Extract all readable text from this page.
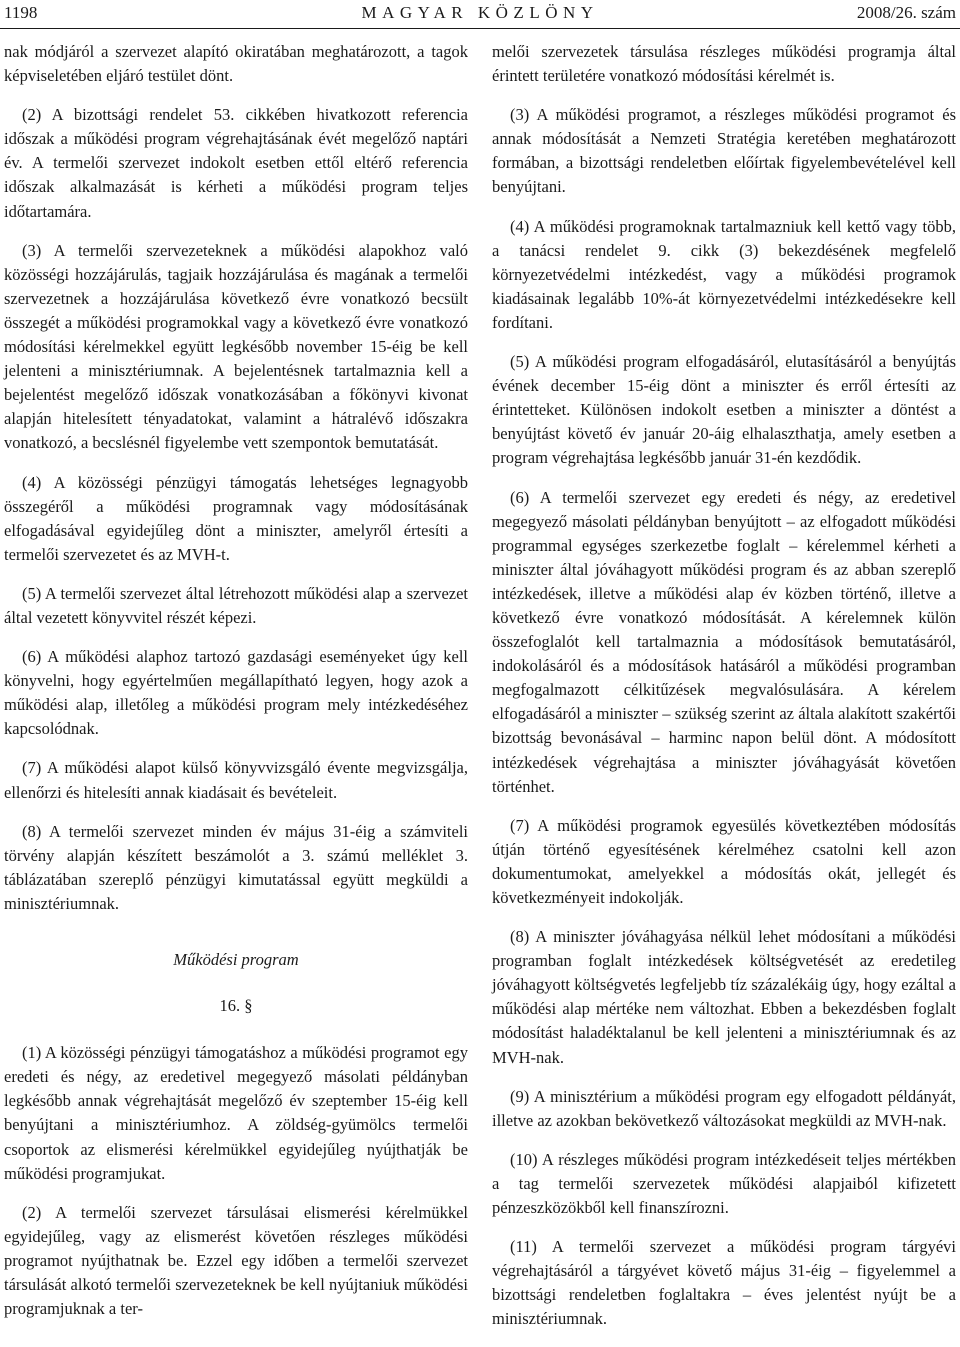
1198	MAGYAR KÖZLÖNY	2008/26. szám

nak módjáról a szervezet alapító okiratában meghatározott, a tagok képviseletében eljáró testület dönt.

(2) A bizottsági rendelet 53. cikkében hivatkozott referencia időszak a működési program végrehajtásának évét megelőző naptári év. A termelői szervezet indokolt esetben ettől eltérő referencia időszak alkalmazását is kérheti a működési program teljes időtartamára.

(3) A termelői szervezeteknek a működési alapokhoz való közösségi hozzájárulás, tagjaik hozzájárulása és magának a termelői szervezetnek a hozzájárulása következő évre vonatkozó becsült összegét a működési programokkal vagy a következő évre vonatkozó módosítási kérelmekkel együtt legkésőbb november 15-éig be kell jelenteni a minisztériumnak. A bejelentésnek tartalmaznia kell a bejelentést megelőző időszak vonatkozásában a főkönyvi kivonat alapján hitelesített tényadatokat, valamint a hátralévő időszakra vonatkozó, a becslésnél figyelembe vett szempontok bemutatását.

(4) A közösségi pénzügyi támogatás lehetséges legnagyobb összegéről a működési programnak vagy módosításának elfogadásával egyidejűleg dönt a miniszter, amelyről értesíti a termelői szervezetet és az MVH-t.

(5) A termelői szervezet által létrehozott működési alap a szervezet által vezetett könyvvitel részét képezi.

(6) A működési alaphoz tartozó gazdasági eseményeket úgy kell könyvelni, hogy egyértelműen megállapítható legyen, hogy azok a működési alap, illetőleg a működési program mely intézkedéséhez kapcsolódnak.

(7) A működési alapot külső könyvvizsgáló évente megvizsgálja, ellenőrzi és hitelesíti annak kiadásait és bevételeit.

(8) A termelői szervezet minden év május 31-éig a számviteli törvény alapján készített beszámolót a 3. számú melléklet 3. táblázatában szereplő pénzügyi kimutatással együtt megküldi a minisztériumnak.

Működési program

16. §

(1) A közösségi pénzügyi támogatáshoz a működési programot egy eredeti és négy, az eredetivel megegyező másolati példányban legkésőbb annak végrehajtását megelőző év szeptember 15-éig kell benyújtani a minisztériumhoz. A zöldség-gyümölcs termelői csoportok az elismerési kérelmükkel egyidejűleg nyújthatják be működési programjukat.

(2) A termelői szervezet társulásai elismerési kérelmükkel egyidejűleg, vagy az elismerést követően részleges működési programot nyújthatnak be. Ezzel egy időben a termelői szervezet társulását alkotó termelői szervezeteknek be kell nyújtaniuk működési programjuknak a ter-

melői szervezetek társulása részleges működési programja által érintett területére vonatkozó módosítási kérelmét is.

(3) A működési programot, a részleges működési programot és annak módosítását a Nemzeti Stratégia keretében meghatározott formában, a bizottsági rendeletben előírtak figyelembevételével kell benyújtani.

(4) A működési programoknak tartalmazniuk kell kettő vagy több, a tanácsi rendelet 9. cikk (3) bekezdésének megfelelő környezetvédelmi intézkedést, vagy a működési programok kiadásainak legalább 10%-át környezetvédelmi intézkedésekre kell fordítani.

(5) A működési program elfogadásáról, elutasításáról a benyújtás évének december 15-éig dönt a miniszter és erről értesíti az érintetteket. Különösen indokolt esetben a miniszter a döntést a benyújtást követő év január 20-áig elhalaszthatja, amely esetben a program végrehajtása legkésőbb január 31-én kezdődik.

(6) A termelői szervezet egy eredeti és négy, az eredetivel megegyező másolati példányban benyújtott – az elfogadott működési programmal egységes szerkezetbe foglalt – kérelemmel kérheti a miniszter által jóváhagyott működési program és az abban szereplő intézkedések, illetve a működési alap év közben történő, illetve a következő évre vonatkozó módosítását. A kérelemnek külön összefoglalót kell tartalmaznia a módosítások bemutatásáról, indokolásáról és a módosítások hatásáról a működési programban megfogalmazott célkitűzések megvalósulására. A kérelem elfogadásáról a miniszter – szükség szerint az általa alakított szakértői bizottság bevonásával – harminc napon belül dönt. A módosított intézkedések végrehajtása a miniszter jóváhagyását követően történhet.

(7) A működési programok egyesülés következtében módosítás útján történő egyesítésének kérelméhez csatolni kell azon dokumentumokat, amelyekkel a módosítás okát, jellegét és következményeit indokolják.

(8) A miniszter jóváhagyása nélkül lehet módosítani a működési programban foglalt intézkedések költségvetését az eredetileg jóváhagyott költségvetés legfeljebb tíz százalékáig úgy, hogy ezáltal a működési alap mértéke nem változhat. Ebben a bekezdésben foglalt módosítást haladéktalanul be kell jelenteni a minisztériumnak és az MVH-nak.

(9) A minisztérium a működési program egy elfogadott példányát, illetve az azokban bekövetkező változásokat megküldi az MVH-nak.

(10) A részleges működési program intézkedéseit teljes mértékben a tag termelői szervezetek működési alapjaiból kifizetett pénzeszközökből kell finanszírozni.

(11) A termelői szervezet a működési program tárgyévi végrehajtásáról a tárgyévet követő május 31-éig – figyelemmel a bizottsági rendeletben foglaltakra – éves jelentést nyújt be a minisztériumnak.
